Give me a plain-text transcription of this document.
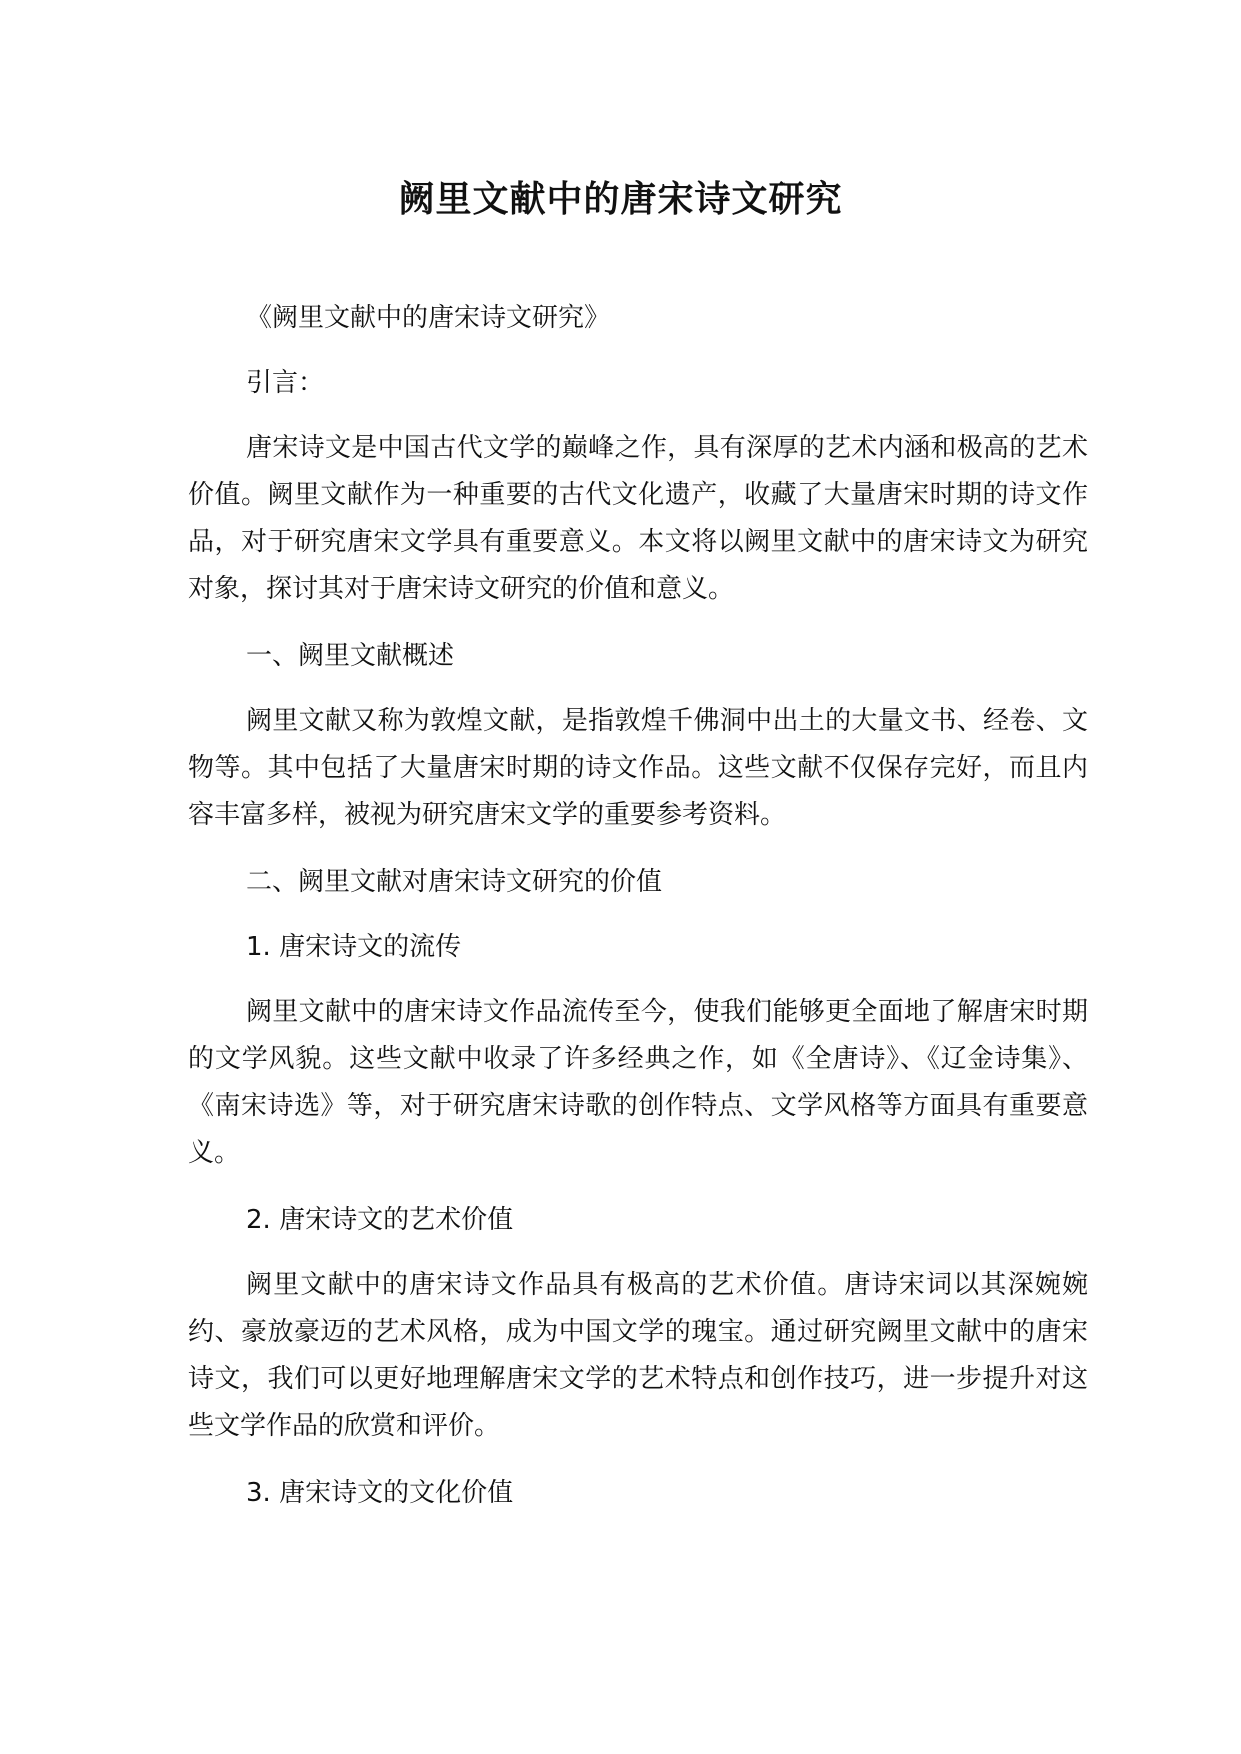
阙里文献中的唐宋诗文研究

《阙里文献中的唐宋诗文研究》

引言：

唐宋诗文是中国古代文学的巅峰之作，具有深厚的艺术内涵和极高的艺术价值。阙里文献作为一种重要的古代文化遗产，收藏了大量唐宋时期的诗文作品，对于研究唐宋文学具有重要意义。本文将以阙里文献中的唐宋诗文为研究对象，探讨其对于唐宋诗文研究的价值和意义。

一、阙里文献概述

阙里文献又称为敦煌文献，是指敦煌千佛洞中出土的大量文书、经卷、文物等。其中包括了大量唐宋时期的诗文作品。这些文献不仅保存完好，而且内容丰富多样，被视为研究唐宋文学的重要参考资料。

二、阙里文献对唐宋诗文研究的价值

1. 唐宋诗文的流传

阙里文献中的唐宋诗文作品流传至今，使我们能够更全面地了解唐宋时期的文学风貌。这些文献中收录了许多经典之作，如《全唐诗》、《辽金诗集》、《南宋诗选》等，对于研究唐宋诗歌的创作特点、文学风格等方面具有重要意义。

2. 唐宋诗文的艺术价值

阙里文献中的唐宋诗文作品具有极高的艺术价值。唐诗宋词以其深婉婉约、豪放豪迈的艺术风格，成为中国文学的瑰宝。通过研究阙里文献中的唐宋诗文，我们可以更好地理解唐宋文学的艺术特点和创作技巧，进一步提升对这些文学作品的欣赏和评价。

3. 唐宋诗文的文化价值
